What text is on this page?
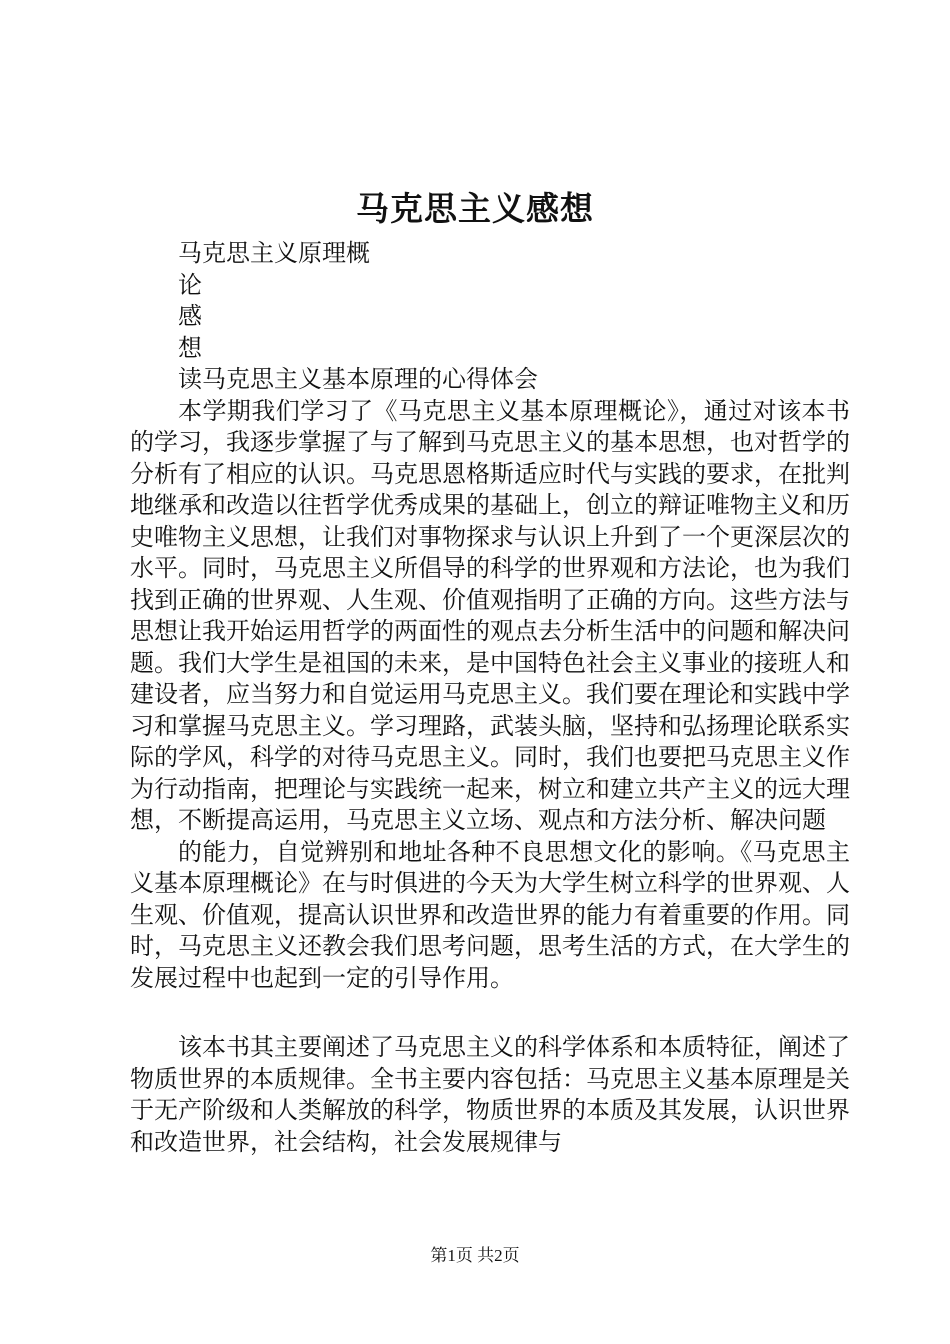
马克思主义感想
马克思主义原理概
论
感
想
读马克思主义基本原理的心得体会

本学期我们学习了《马克思主义基本原理概论》，通过对该本书的学习，我逐步掌握了与了解到马克思主义的基本思想，也对哲学的分析有了相应的认识。马克思恩格斯适应时代与实践的要求，在批判地继承和改造以往哲学优秀成果的基础上，创立的辩证唯物主义和历史唯物主义思想，让我们对事物探求与认识上升到了一个更深层次的水平。同时，马克思主义所倡导的科学的世界观和方法论，也为我们找到正确的世界观、人生观、价值观指明了正确的方向。这些方法与思想让我开始运用哲学的两面性的观点去分析生活中的问题和解决问题。我们大学生是祖国的未来，是中国特色社会主义事业的接班人和建设者，应当努力和自觉运用马克思主义。我们要在理论和实践中学习和掌握马克思主义。学习理路，武装头脑，坚持和弘扬理论联系实际的学风，科学的对待马克思主义。同时，我们也要把马克思主义作为行动指南，把理论与实践统一起来，树立和建立共产主义的远大理想，不断提高运用，马克思主义立场、观点和方法分析、解决问题

的能力，自觉辨别和地址各种不良思想文化的影响。《马克思主义基本原理概论》在与时俱进的今天为大学生树立科学的世界观、人生观、价值观，提高认识世界和改造世界的能力有着重要的作用。同时，马克思主义还教会我们思考问题，思考生活的方式，在大学生的发展过程中也起到一定的引导作用。

该本书其主要阐述了马克思主义的科学体系和本质特征，阐述了物质世界的本质规律。全书主要内容包括：马克思主义基本原理是关于无产阶级和人类解放的科学，物质世界的本质及其发展，认识世界和改造世界，社会结构，社会发展规律与

第1页 共2页
